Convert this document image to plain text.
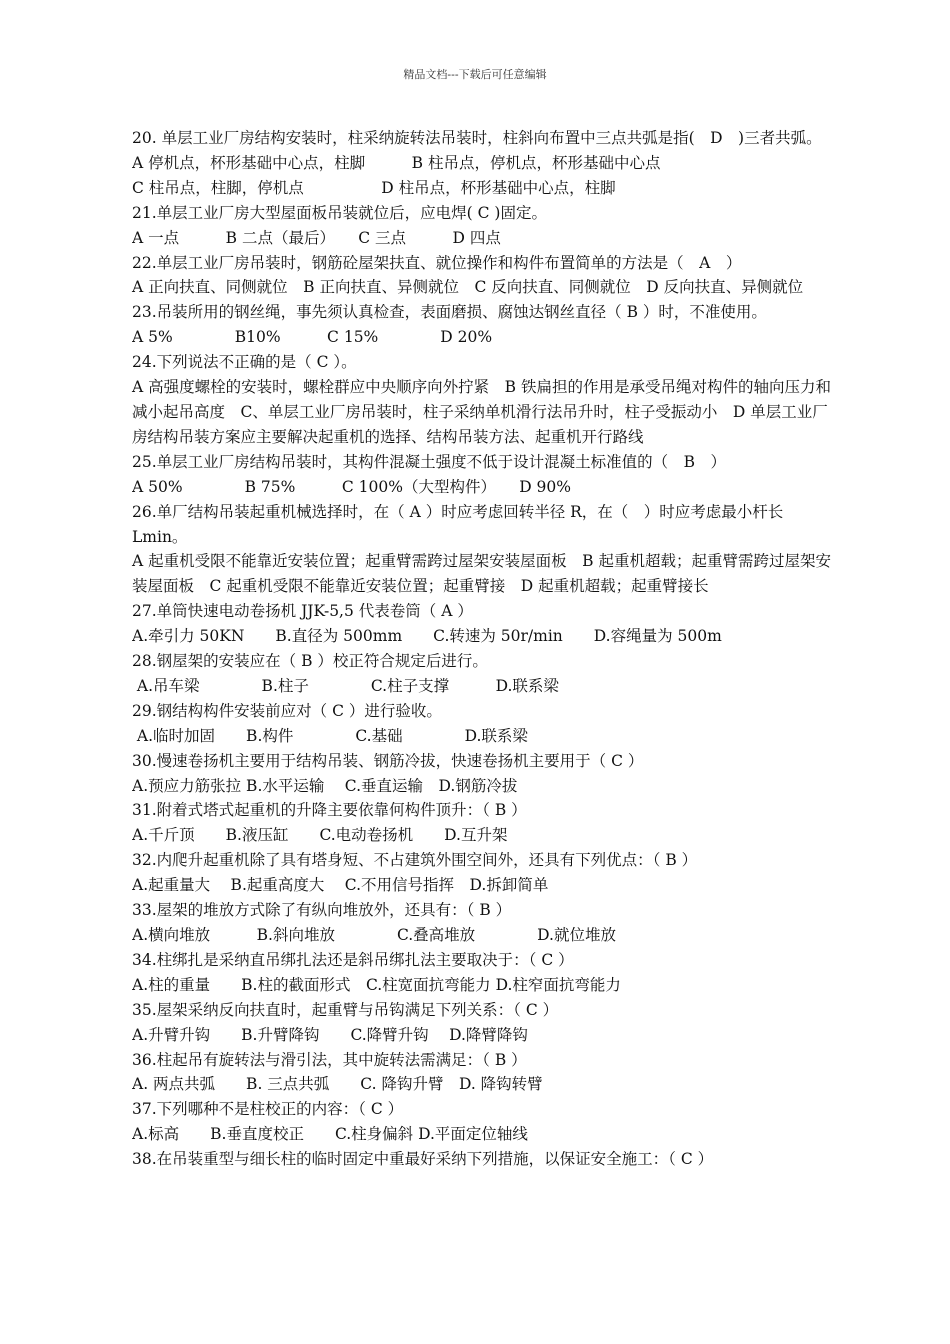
精品文档---下载后可任意编辑
20. 单层工业厂房结构安装时，柱采纳旋转法吊装时，柱斜向布置中三点共弧是指(　D　)三者共弧。
A 停机点，杯形基础中心点，柱脚　　　B 柱吊点，停机点，杯形基础中心点
C 柱吊点，柱脚，停机点　　　　　D 柱吊点，杯形基础中心点，柱脚
21.单层工业厂房大型屋面板吊装就位后，应电焊( C )固定。
A 一点　　　B 二点（最后）　　C 三点　　　D 四点
22.单层工业厂房吊装时，钢筋砼屋架扶直、就位操作和构件布置简单的方法是（　A　）
A 正向扶直、同侧就位　B 正向扶直、异侧就位　C 反向扶直、同侧就位　D 反向扶直、异侧就位
23.吊装所用的钢丝绳，事先须认真检查，表面磨损、腐蚀达钢丝直径（ B ）时，不准使用。
A 5%　　　　B10%　　　C 15%　　　　D 20%
24.下列说法不正确的是（ C ）。
A 高强度螺栓的安装时，螺栓群应中央顺序向外拧紧　B 铁扁担的作用是承受吊绳对构件的轴向压力和减小起吊高度　C、单层工业厂房吊装时，柱子采纳单机滑行法吊升时，柱子受振动小　D 单层工业厂房结构吊装方案应主要解决起重机的选择、结构吊装方法、起重机开行路线
25.单层工业厂房结构吊装时，其构件混凝土强度不低于设计混凝土标准值的（　B　）
A 50%　　　　B 75%　　　C 100%（大型构件）　　D 90%
26.单厂结构吊装起重机械选择时，在（ A ）时应考虑回转半径 R，在（　）时应考虑最小杆长 Lmin。
A 起重机受限不能靠近安装位置；起重臂需跨过屋架安装屋面板　B 起重机超载；起重臂需跨过屋架安装屋面板　C 起重机受限不能靠近安装位置；起重臂接　D 起重机超载；起重臂接长
27.单筒快速电动卷扬机 JJK-5,5 代表卷筒（ A ）
A.牵引力 50KN　　B.直径为 500mm　　C.转速为 50r/min　　D.容绳量为 500m
28.钢屋架的安装应在（ B ）校正符合规定后进行。
A.吊车梁　　　　B.柱子　　　　C.柱子支撑　　　D.联系梁
29.钢结构构件安装前应对（ C ）进行验收。
A.临时加固　　B.构件　　　　C.基础　　　　D.联系梁
30.慢速卷扬机主要用于结构吊装、钢筋冷拔，快速卷扬机主要用于（ C ）
A.预应力筋张拉 B.水平运输　 C.垂直运输　D.钢筋冷拔
31.附着式塔式起重机的升降主要依靠何构件顶升：（ B ）
A.千斤顶　　B.液压缸　　C.电动卷扬机　　D.互升架
32.内爬升起重机除了具有塔身短、不占建筑外围空间外，还具有下列优点：（ B ）
A.起重量大　 B.起重高度大　 C.不用信号指挥　D.拆卸简单
33.屋架的堆放方式除了有纵向堆放外，还具有：（ B ）
A.横向堆放　　　B.斜向堆放　　　　C.叠高堆放　　　　D.就位堆放
34.柱绑扎是采纳直吊绑扎法还是斜吊绑扎法主要取决于：（ C ）
A.柱的重量　　B.柱的截面形式　C.柱宽面抗弯能力 D.柱窄面抗弯能力
35.屋架采纳反向扶直时，起重臂与吊钩满足下列关系：（ C ）
A.升臂升钩　　B.升臂降钩　　C.降臂升钩　 D.降臂降钩
36.柱起吊有旋转法与滑引法，其中旋转法需满足：（ B ）
A. 两点共弧　　B. 三点共弧　　C. 降钩升臂　D. 降钩转臂
37.下列哪种不是柱校正的内容：（ C ）
A.标高　　B.垂直度校正　　C.柱身偏斜 D.平面定位轴线
38.在吊装重型与细长柱的临时固定中重最好采纳下列措施，以保证安全施工：（ C ）
